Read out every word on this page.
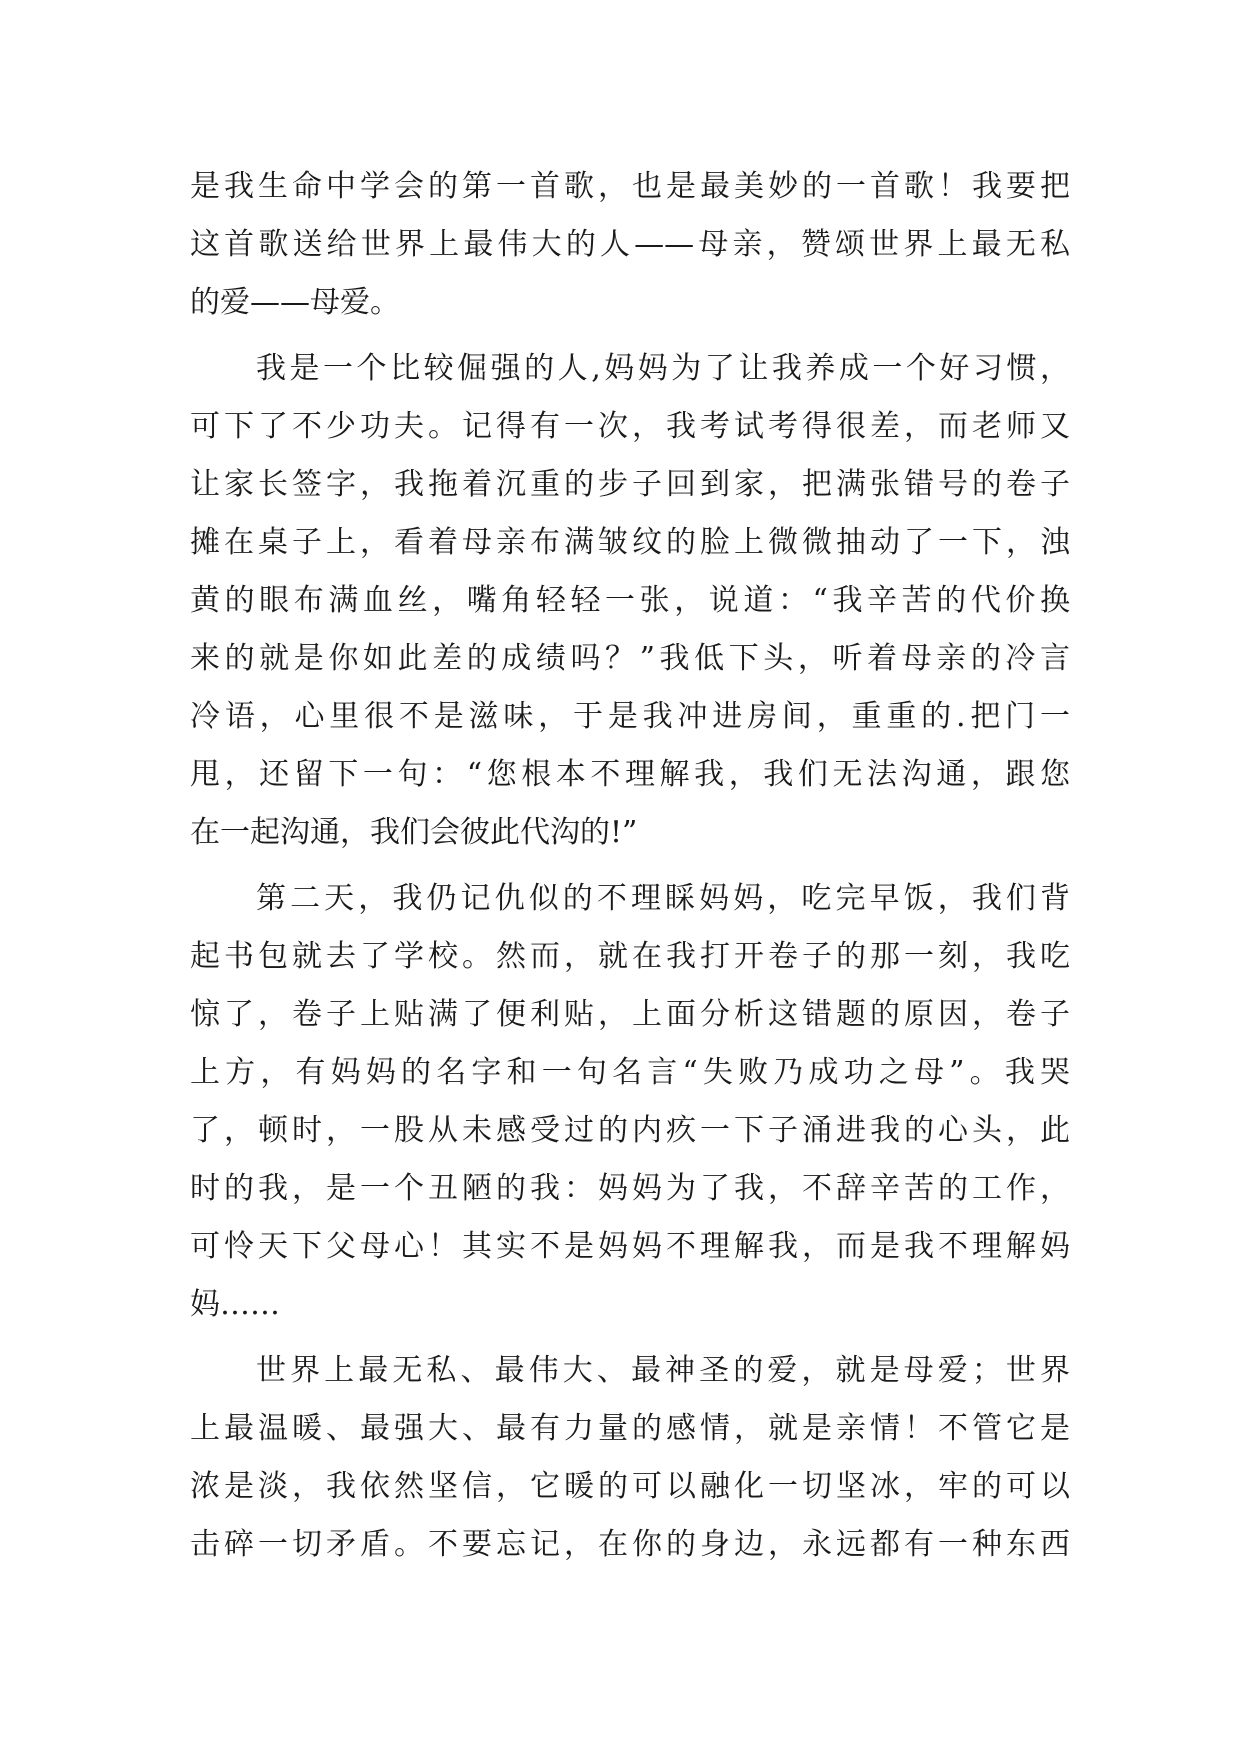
是我生命中学会的第一首歌，也是最美妙的一首歌！我要把
这首歌送给世界上最伟大的人——母亲，赞颂世界上最无私
的爱——母爱。
我是一个比较倔强的人,妈妈为了让我养成一个好习惯，
可下了不少功夫。记得有一次，我考试考得很差，而老师又
让家长签字，我拖着沉重的步子回到家，把满张错号的卷子
摊在桌子上，看着母亲布满皱纹的脸上微微抽动了一下，浊
黄的眼布满血丝，嘴角轻轻一张，说道：“我辛苦的代价换
来的就是你如此差的成绩吗？”我低下头，听着母亲的冷言
冷语，心里很不是滋味，于是我冲进房间，重重的.把门一
甩，还留下一句：“您根本不理解我，我们无法沟通，跟您
在一起沟通，我们会彼此代沟的!”
第二天，我仍记仇似的不理睬妈妈，吃完早饭，我们背
起书包就去了学校。然而，就在我打开卷子的那一刻，我吃
惊了，卷子上贴满了便利贴，上面分析这错题的原因，卷子
上方，有妈妈的名字和一句名言“失败乃成功之母”。我哭
了，顿时，一股从未感受过的内疚一下子涌进我的心头，此
时的我，是一个丑陋的我：妈妈为了我，不辞辛苦的工作，
可怜天下父母心！其实不是妈妈不理解我，而是我不理解妈
妈……
世界上最无私、最伟大、最神圣的爱，就是母爱；世界
上最温暖、最强大、最有力量的感情，就是亲情！不管它是
浓是淡，我依然坚信，它暖的可以融化一切坚冰，牢的可以
击碎一切矛盾。不要忘记，在你的身边，永远都有一种东西
